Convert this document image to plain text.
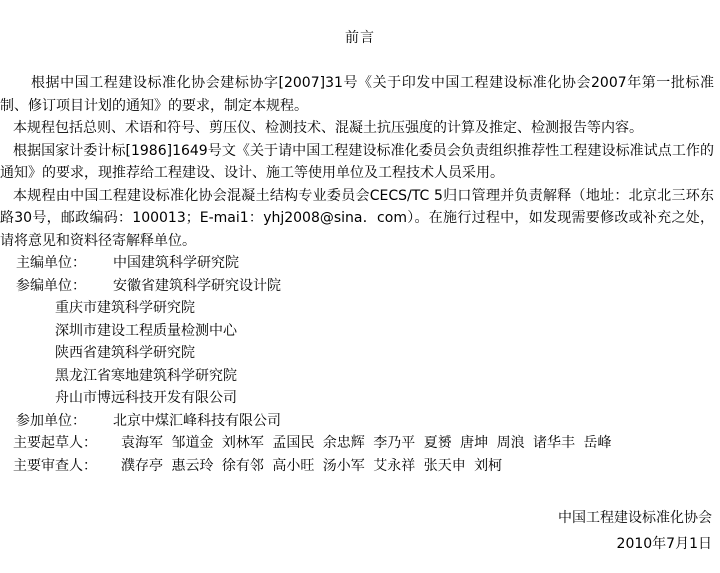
前言

根据中国工程建设标准化协会建标协字[2007]31号《关于印发中国工程建设标准化协会2007年第一批标准制、修订项目计划的通知》的要求，制定本规程。

本规程包括总则、术语和符号、剪压仪、检测技术、混凝土抗压强度的计算及推定、检测报告等内容。

根据国家计委计标[1986]1649号文《关于请中国工程建设标准化委员会负责组织推荐性工程建设标准试点工作的通知》的要求，现推荐给工程建设、设计、施工等使用单位及工程技术人员采用。

本规程由中国工程建设标准化协会混凝土结构专业委员会CECS/TC 5归口管理并负责解释（地址：北京北三环东路30号，邮政编码：100013；E-mai1：yhj2008@sina．com）。在施行过程中，如发现需要修改或补充之处，请将意见和资料径寄解释单位。

主编单位：	中国建筑科学研究院
参编单位：	安徽省建筑科学研究设计院

重庆市建筑科学研究院

深圳市建设工程质量检测中心

陕西省建筑科学研究院

黑龙江省寒地建筑科学研究院

舟山市博远科技开发有限公司

参加单位：	北京中煤汇峰科技有限公司
主要起草人：	袁海军 邹道金 刘林军 孟国民 余忠辉 李乃平 夏赟 唐坤 周浪 诸华丰 岳峰
主要审查人：	濮存亭 惠云玲 徐有邻 高小旺 汤小军 艾永祥 张天申 刘柯
中国工程建设标准化协会
2010年7月1日
